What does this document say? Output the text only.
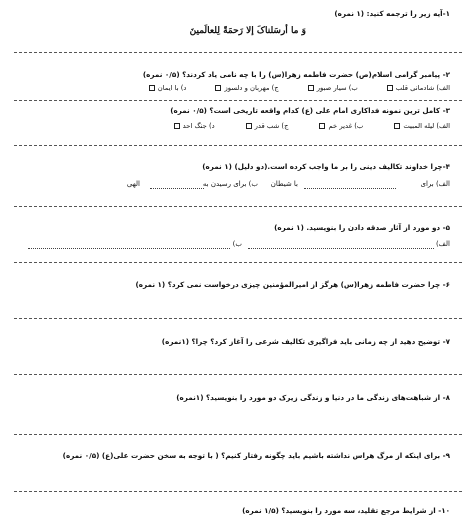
۱-آیه زیر را ترجمه کنید: (۱ نمره)
وَ ما أرسَلناکَ إلا رَحمَةً لِلعالَمینَ
۲- پیامبر گرامی اسلام(ص) حضرت فاطمه زهرا(س) را با چه نامی یاد کردند؟ (۰/۵ نمره)
الف) شادمانی قلب
ب) سیار صبور
ج) مهربان و دلسوز
د) با ایمان
۳- کامل ترین نمونه فداکاری امام علی (ع) کدام واقعه تاریخی است؟ (۰/۵ نمره)
الف) لیله المبیت
ب) غدیر خم
ج) شب قدر
د) جنگ احد
۴-چرا خداوند تکالیف دینی را بر ما واجب کرده است.(دو دلیل) (۱ نمره)
الف) برای
با شیطان
ب) برای رسیدن به
الهی
۵- دو مورد از آثار صدقه دادن را بنویسید. (۱ نمره)
الف)
ب)
۶- چرا حضرت فاطمه زهرا(س) هرگز از امیرالمؤمنین چیزی درخواست نمی کرد؟ (۱ نمره)
۷- توضیح دهید از چه زمانی باید فراگیری تکالیف شرعی را آغاز کرد؟ چرا؟ (۱نمره)
۸- از شباهت‌های زندگی ما در دنیا و زندگی زیرک دو مورد را بنویسید؟ (۱نمره)
۹- برای اینکه از مرگ هراس نداشته باشیم باید چگونه رفتار کنیم؟ ( با توجه به سخن حضرت علی(ع) (۰/۵ نمره)
۱۰- از شرایط مرجع تقلید، سه مورد را بنویسید؟ (۱/۵ نمره)
